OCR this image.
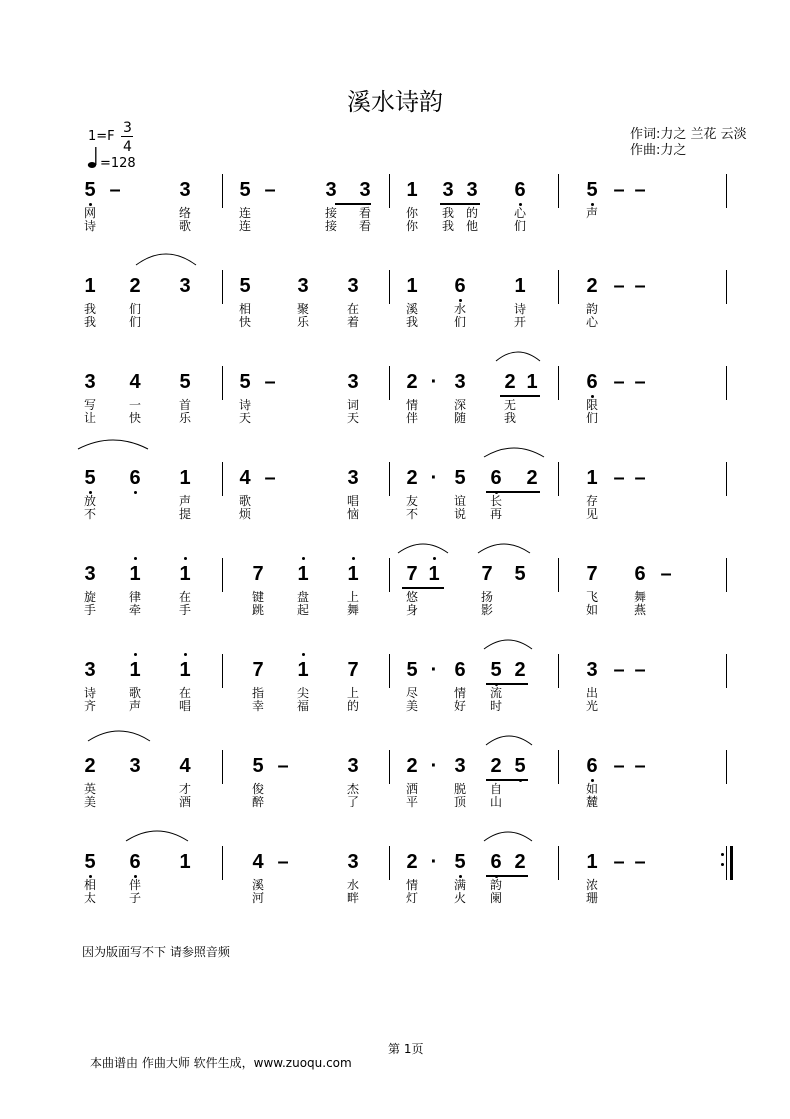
溪水诗韵
1=F
3
4
=128
作词:力之 兰花 云淡
作曲:力之
5 –	3 5 – 3 3 1 3 3 6	5 – –
网	络	连	接	看	你	我 的	心	声
诗	歌	连	接	看	你	我 他	们
1 2 3 5 3 3 1 6 1	2 – –
我	们	相	聚	在	溪	水	诗	韵
我	们	快	乐	着	我	们	开	心
3 4 5 5 –	3 2 · 3 2 1 6 – –
写	一	首	诗	词	情	深	无	限
让	快	乐	天	天	伴	随	我	们
5 6 1 4 –	3 2 · 5 6 2 1 – –
放	声	歌	唱	友	谊	长	存
不	提	烦	恼	不	说	再	见
3 1 1	7 1 1 7 1 7 5	7 6 –
旋	律	在	键	盘	上	悠	扬	飞	舞
手	牵	手	跳	起	舞	身	影	如	燕
3 1 1	7 1 7 5 · 6 5 2	3 – –
诗	歌	在	指	尖	上	尽	情	流	出
齐	声	唱	幸	福	的	美	好	时	光
2 3 4	5 –	3 2 · 3 2 5	6 – –
英	才	俊	杰	洒	脱	自	如
美	酒	醉	了	平	顶	山	麓
5 6 1	4 –	3 2 · 5 6 2	1 – –
相	伴	溪	水	情	满	韵	浓
太	子	河	畔	灯	火	阑	珊
因为版面写不下 请参照音频
第 1页
本曲谱由 作曲大师 软件生成，www.zuoqu.com
